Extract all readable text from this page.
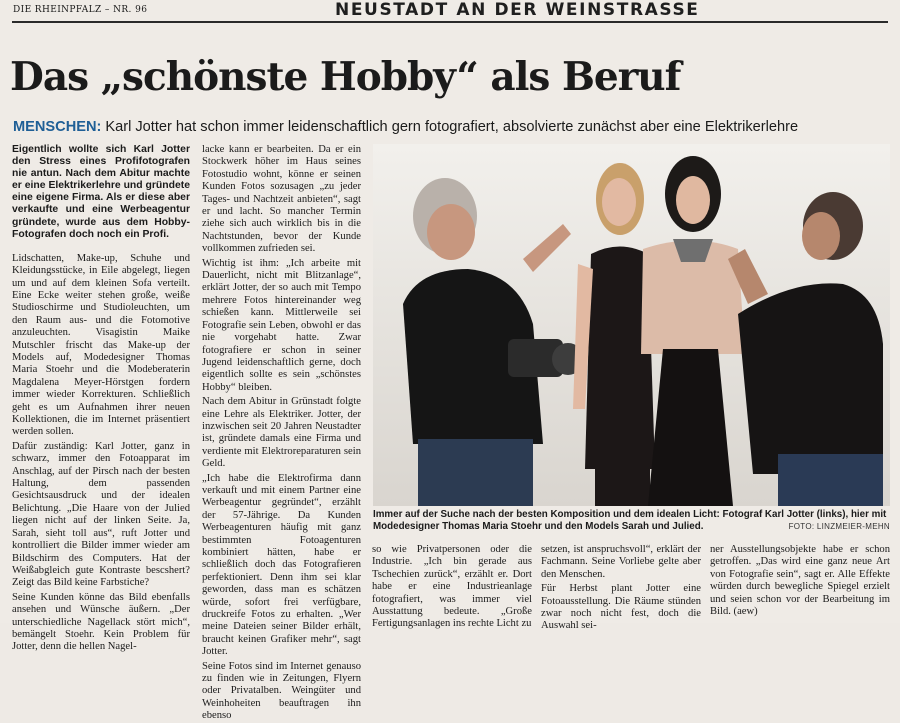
DIE RHEINPFALZ – NR. 96	NEUSTADT AN DER WEINSTRASSE
Das „schönste Hobby“ als Beruf
MENSCHEN: Karl Jotter hat schon immer leidenschaftlich gern fotografiert, absolvierte zunächst aber eine Elektrikerlehre

Eigentlich wollte sich Karl Jotter den Stress eines Profifotografen nie antun. Nach dem Abitur machte er eine Elektrikerlehre und gründete eine eigene Firma. Als er diese aber verkaufte und eine Werbeagentur gründete, wurde aus dem Hobby-Fotografen doch noch ein Profi.

Lidschatten, Make-up, Schuhe und Kleidungsstücke, in Eile abgelegt, liegen um und auf dem kleinen Sofa verteilt. Eine Ecke weiter stehen große, weiße Studioschirme und Studioleuchten, um den Raum aus- und die Fotomotive anzuleuchten. Visagistin Maike Mutschler frischt das Make-up der Models auf, Modedesigner Thomas Maria Stoehr und die Modeberaterin Magdalena Meyer-Hörstgen fordern immer wieder Korrekturen. Schließlich geht es um Aufnahmen ihrer neuen Kollektionen, die im Internet präsentiert werden sollen.

Dafür zuständig: Karl Jotter, ganz in schwarz, immer den Fotoapparat im Anschlag, auf der Pirsch nach der besten Haltung, dem passenden Gesichtsausdruck und der idealen Belichtung. „Die Haare von der Julied liegen nicht auf der linken Seite. Ja, Sarah, sieht toll aus“, ruft Jotter und kontrolliert die Bilder immer wieder am Bildschirm des Computers. Hat der Weißabgleich gute Kontraste bescshert? Zeigt das Bild keine Farbstiche?

Seine Kunden könne das Bild ebenfalls ansehen und Wünsche äußern. „Der unterschiedliche Nagellack stört mich“, bemängelt Stoehr. Kein Problem für Jotter, denn die hellen Nagel-

lacke kann er bearbeiten. Da er ein Stockwerk höher im Haus seines Fotostudio wohnt, könne er seinen Kunden Fotos sozusagen „zu jeder Tages- und Nachtzeit anbieten“, sagt er und lacht. So mancher Termin ziehe sich auch wirklich bis in die Nachtstunden, bevor der Kunde vollkommen zufrieden sei.

Wichtig ist ihm: „Ich arbeite mit Dauerlicht, nicht mit Blitzanlage“, erklärt Jotter, der so auch mit Tempo mehrere Fotos hintereinander weg schießen kann. Mittlerweile sei Fotografie sein Leben, obwohl er das nie vorgehabt hatte. Zwar fotografiere er schon in seiner Jugend leidenschaftlich gerne, doch eigentlich sollte es sein „schönstes Hobby“ bleiben.

Nach dem Abitur in Grünstadt folgte eine Lehre als Elektriker. Jotter, der inzwischen seit 20 Jahren Neustadter ist, gründete damals eine Firma und verdiente mit Elektroreparaturen sein Geld.

„Ich habe die Elektrofirma dann verkauft und mit einem Partner eine Werbeagentur gegründet“, erzählt der 57-Jährige. Da Kunden Werbeagenturen häufig mit ganz bestimmten Fotoagenturen kombiniert hätten, habe er schließlich doch das Fotografieren perfektioniert. Denn ihm sei klar geworden, dass man es schätzen würde, sofort frei verfügbare, druckreife Fotos zu erhalten. „Wer meine Dateien seiner Bilder erhält, braucht keinen Grafiker mehr“, sagt Jotter.

Seine Fotos sind im Internet genauso zu finden wie in Zeitungen, Flyern oder Privatalben. Weingüter und Weinhoheiten beauftragen ihn ebenso

Immer auf der Suche nach der besten Komposition und dem idealen Licht: Fotograf Karl Jotter (links), hier mit Modedesigner Thomas Maria Stoehr und den Models Sarah und Julied.	FOTO: LINZMEIER-MEHN

so wie Privatpersonen oder die Industrie. „Ich bin gerade aus Tschechien zurück“, erzählt er. Dort habe er eine Industrieanlage fotografiert, was immer viel Ausstattung bedeute. „Große Fertigungsanlagen ins rechte Licht zu

setzen, ist anspruchsvoll“, erklärt der Fachmann. Seine Vorliebe gelte aber den Menschen.

Für Herbst plant Jotter eine Fotoausstellung. Die Räume stünden zwar noch nicht fest, doch die Auswahl sei-

ner Ausstellungsobjekte habe er schon getroffen. „Das wird eine ganz neue Art von Fotografie sein“, sagt er. Alle Effekte würden durch bewegliche Spiegel erzielt und seien schon vor der Bearbeitung im Bild. (aew)
